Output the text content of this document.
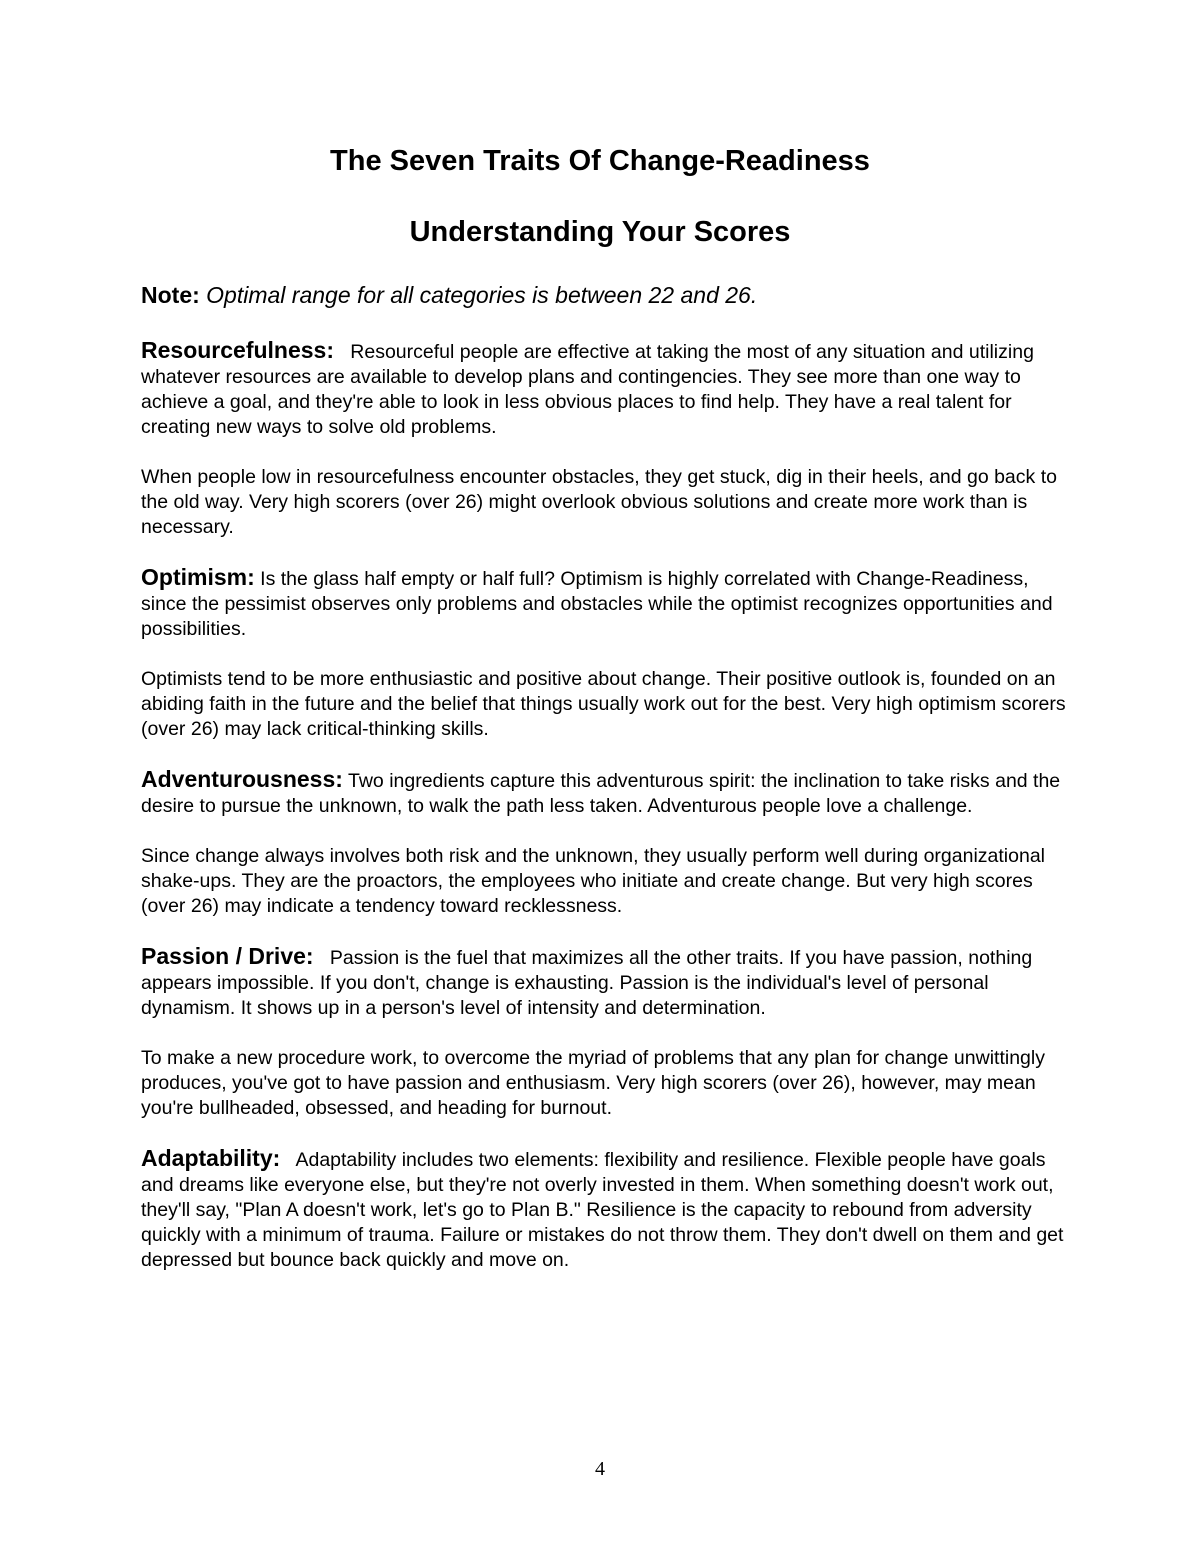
The Seven Traits Of Change-Readiness
Understanding Your Scores
Note: Optimal range for all categories is between 22 and 26.

Resourcefulness: Resourceful people are effective at taking the most of any situation and utilizing whatever resources are available to develop plans and contingencies. They see more than one way to achieve a goal, and they're able to look in less obvious places to find help. They have a real talent for creating new ways to solve old problems.

When people low in resourcefulness encounter obstacles, they get stuck, dig in their heels, and go back to the old way. Very high scorers (over 26) might overlook obvious solutions and create more work than is necessary.

Optimism: Is the glass half empty or half full? Optimism is highly correlated with Change-Readiness, since the pessimist observes only problems and obstacles while the optimist recognizes opportunities and possibilities.

Optimists tend to be more enthusiastic and positive about change. Their positive outlook is, founded on an abiding faith in the future and the belief that things usually work out for the best. Very high optimism scorers (over 26) may lack critical-thinking skills.

Adventurousness: Two ingredients capture this adventurous spirit: the inclination to take risks and the desire to pursue the unknown, to walk the path less taken. Adventurous people love a challenge.

Since change always involves both risk and the unknown, they usually perform well during organizational shake-ups. They are the proactors, the employees who initiate and create change. But very high scores (over 26) may indicate a tendency toward recklessness.

Passion / Drive: Passion is the fuel that maximizes all the other traits. If you have passion, nothing appears impossible. If you don't, change is exhausting. Passion is the individual's level of personal dynamism. It shows up in a person's level of intensity and determination.

To make a new procedure work, to overcome the myriad of problems that any plan for change unwittingly produces, you've got to have passion and enthusiasm. Very high scorers (over 26), however, may mean you're bullheaded, obsessed, and heading for burnout.

Adaptability: Adaptability includes two elements: flexibility and resilience. Flexible people have goals and dreams like everyone else, but they're not overly invested in them. When something doesn't work out, they'll say, "Plan A doesn't work, let's go to Plan B." Resilience is the capacity to rebound from adversity quickly with a minimum of trauma. Failure or mistakes do not throw them. They don't dwell on them and get depressed but bounce back quickly and move on.

4
